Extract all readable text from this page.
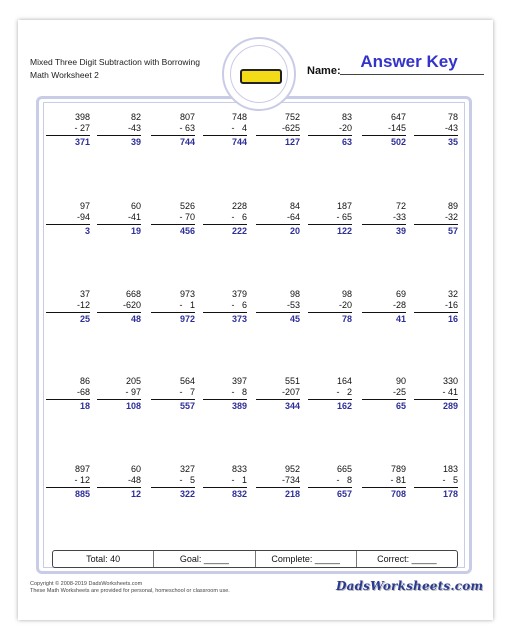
Mixed Three Digit Subtraction with Borrowing
Math Worksheet 2	Name:	Answer Key
398
- 27
371
82
-43
39
807
- 63
744
748
-   4
744
752
-625
127
83
-20
63
647
-145
502
78
-43
35
97
-94
3
60
-41
19
526
- 70
456
228
-   6
222
84
-64
20
187
- 65
122
72
-33
39
89
-32
57
37
-12
25
668
-620
48
973
-   1
972
379
-   6
373
98
-53
45
98
-20
78
69
-28
41
32
-16
16
86
-68
18
205
- 97
108
564
-   7
557
397
-   8
389
551
-207
344
164
-   2
162
90
-25
65
330
- 41
289
897
- 12
885
60
-48
12
327
-   5
322
833
-   1
832
952
-734
218
665
-   8
657
789
- 81
708
183
-   5
178
Total: 40	Goal: _____	Complete: _____	Correct: _____
Copyright © 2008-2019 DadsWorksheets.com
These Math Worksheets are provided for personal, homeschool or classroom use.	DadsWorksheets.com
